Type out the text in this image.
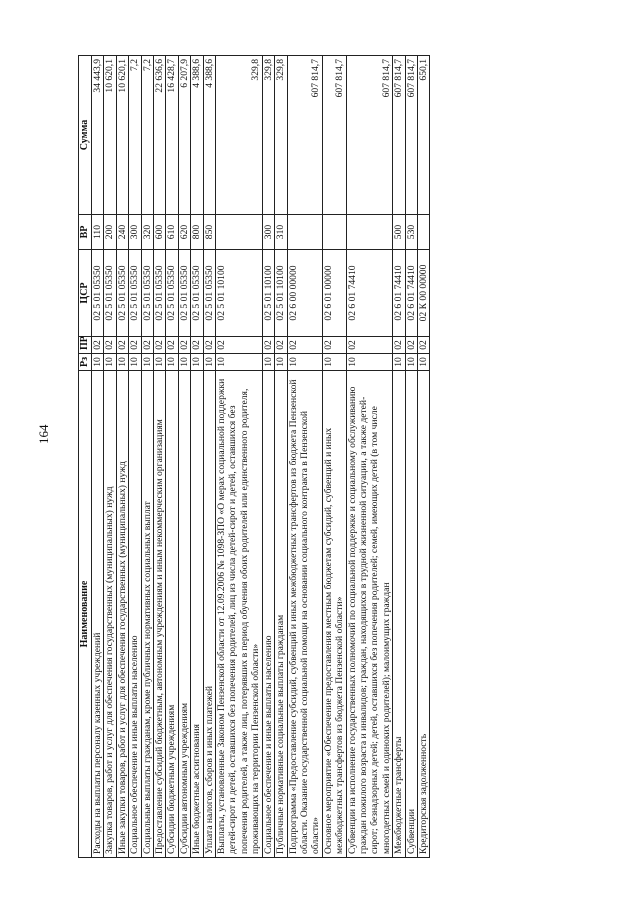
164
Наименование	Рз	ПР	ЦСР	ВР	Сумма
Расходы на выплаты персоналу казенных учреждений	10	02	02 5 01 05350	110	34 443,9
Закупка товаров, работ и услуг для обеспечения государственных (муниципальных) нужд	10	02	02 5 01 05350	200	10 620,1
Иные закупки товаров, работ и услуг для обеспечения государственных (муниципальных) нужд	10	02	02 5 01 05350	240	10 620,1
Социальное обеспечение и иные выплаты населению	10	02	02 5 01 05350	300	7,2
Социальные выплаты гражданам, кроме публичных нормативных социальных выплат	10	02	02 5 01 05350	320	7,2
Предоставление субсидий бюджетным, автономным учреждениям и иным некоммерческим организациям	10	02	02 5 01 05350	600	22 636,6
Субсидии бюджетным учреждениям	10	02	02 5 01 05350	610	16 428,7
Субсидии автономным учреждениям	10	02	02 5 01 05350	620	6 207,9
Иные бюджетные ассигнования	10	02	02 5 01 05350	800	4 388,6
Уплата налогов, сборов и иных платежей	10	02	02 5 01 05350	850	4 388,6
Выплаты, установленные Законом Пензенской области от 12.09.2006 № 1098-ЗПО «О мерах социальной поддержки детей-сирот и детей, оставшихся без попечения родителей, лиц из числа детей-сирот и детей, оставшихся без попечения родителей, а также лиц, потерявших в период обучения обоих родителей или единственного родителя, проживающих на территории Пензенской области»	10	02	02 5 01 10100		329,8
Социальное обеспечение и иные выплаты населению	10	02	02 5 01 10100	300	329,8
Публичные нормативные социальные выплаты гражданам	10	02	02 5 01 10100	310	329,8
Подпрограмма «Предоставление субсидий, субвенций и иных межбюджетных трансфертов из бюджета Пензенской области. Оказание государственной социальной помощи на основании социального контракта в Пензенской области»	10	02	02 6 00 00000		607 814,7
Основное мероприятие «Обеспечение предоставления местным бюджетам субсидий, субвенций и иных межбюджетных трансфертов из бюджета Пензенской области»	10	02	02 6 01 00000		607 814,7
Субвенции на исполнение государственных полномочий по социальной поддержке и социальному обслуживанию граждан пожилого возраста и инвалидов; граждан, находящихся в трудной жизненной ситуации, а также детей-сирот; безнадзорных детей; детей, оставшихся без попечения родителей; семей, имеющих детей (в том числе многодетных семей и одиноких родителей); малоимущих граждан	10	02	02 6 01 74410		607 814,7
Межбюджетные трансферты	10	02	02 6 01 74410	500	607 814,7
Субвенции	10	02	02 6 01 74410	530	607 814,7
Кредиторская задолженность	10	02	02 К 00 00000		650,1
